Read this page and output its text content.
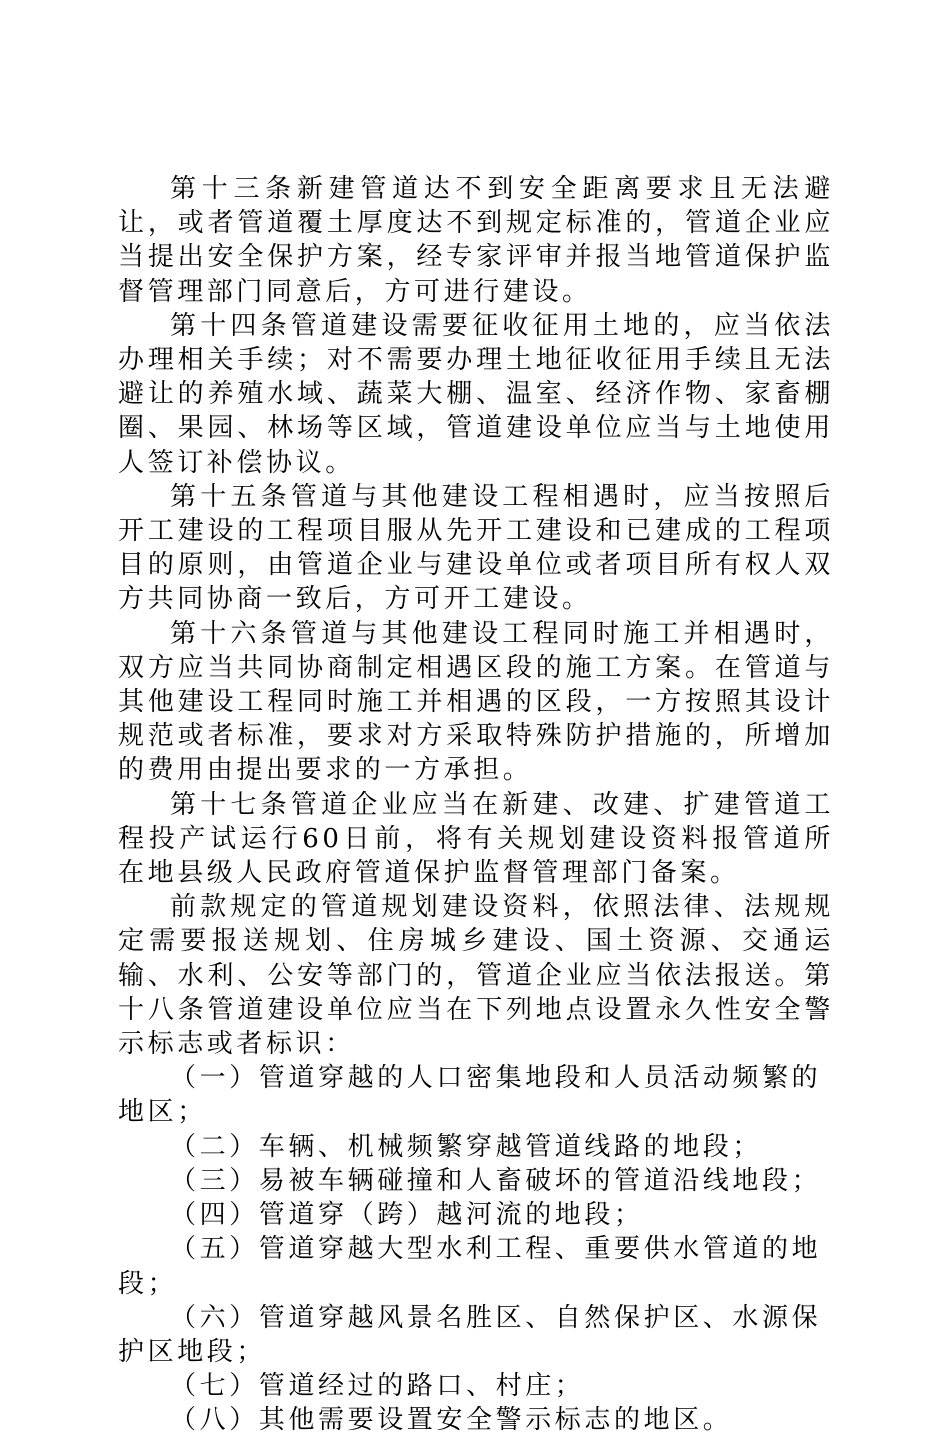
第十三条新建管道达不到安全距离要求且无法避让，或者管道覆土厚度达不到规定标准的，管道企业应当提出安全保护方案，经专家评审并报当地管道保护监督管理部门同意后，方可进行建设。

第十四条管道建设需要征收征用土地的，应当依法办理相关手续；对不需要办理土地征收征用手续且无法避让的养殖水域、蔬菜大棚、温室、经济作物、家畜棚圈、果园、林场等区域，管道建设单位应当与土地使用人签订补偿协议。

第十五条管道与其他建设工程相遇时，应当按照后开工建设的工程项目服从先开工建设和已建成的工程项目的原则，由管道企业与建设单位或者项目所有权人双方共同协商一致后，方可开工建设。

第十六条管道与其他建设工程同时施工并相遇时，双方应当共同协商制定相遇区段的施工方案。在管道与其他建设工程同时施工并相遇的区段，一方按照其设计规范或者标准，要求对方采取特殊防护措施的，所增加的费用由提出要求的一方承担。

第十七条管道企业应当在新建、改建、扩建管道工程投产试运行60日前，将有关规划建设资料报管道所在地县级人民政府管道保护监督管理部门备案。

前款规定的管道规划建设资料，依照法律、法规规定需要报送规划、住房城乡建设、国土资源、交通运输、水利、公安等部门的，管道企业应当依法报送。第十八条管道建设单位应当在下列地点设置永久性安全警示标志或者标识：

（一）管道穿越的人口密集地段和人员活动频繁的地区；

（二）车辆、机械频繁穿越管道线路的地段；

（三）易被车辆碰撞和人畜破坏的管道沿线地段；

（四）管道穿（跨）越河流的地段；

（五）管道穿越大型水利工程、重要供水管道的地段；

（六）管道穿越风景名胜区、自然保护区、水源保护区地段；

（七）管道经过的路口、村庄；

（八）其他需要设置安全警示标志的地区。
